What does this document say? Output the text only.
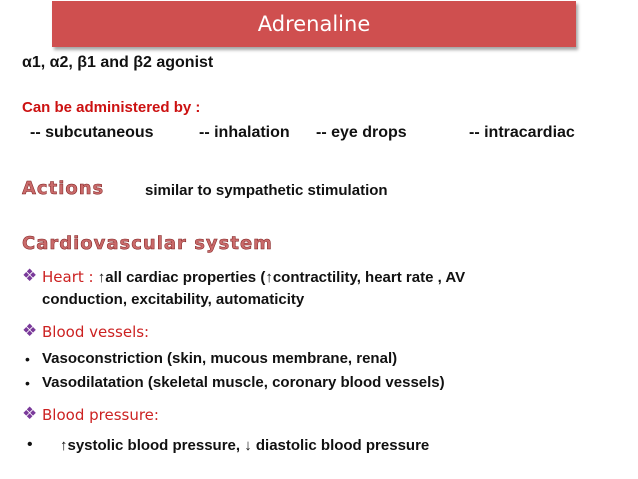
Adrenaline
α1, α2, β1 and β2 agonist
Can be administered by :
-- subcutaneous	-- inhalation -- eye drops	-- intracardiac
Actions	similar to sympathetic stimulation
Cardiovascular system
❖ Heart : ↑all cardiac properties (↑contractility, heart rate , AV
conduction, excitability, automaticity
❖ Blood vessels:
• Vasoconstriction (skin, mucous membrane, renal)
• Vasodilatation (skeletal muscle, coronary blood vessels)
❖ Blood pressure:
• ↑systolic blood pressure, ↓ diastolic blood pressure
